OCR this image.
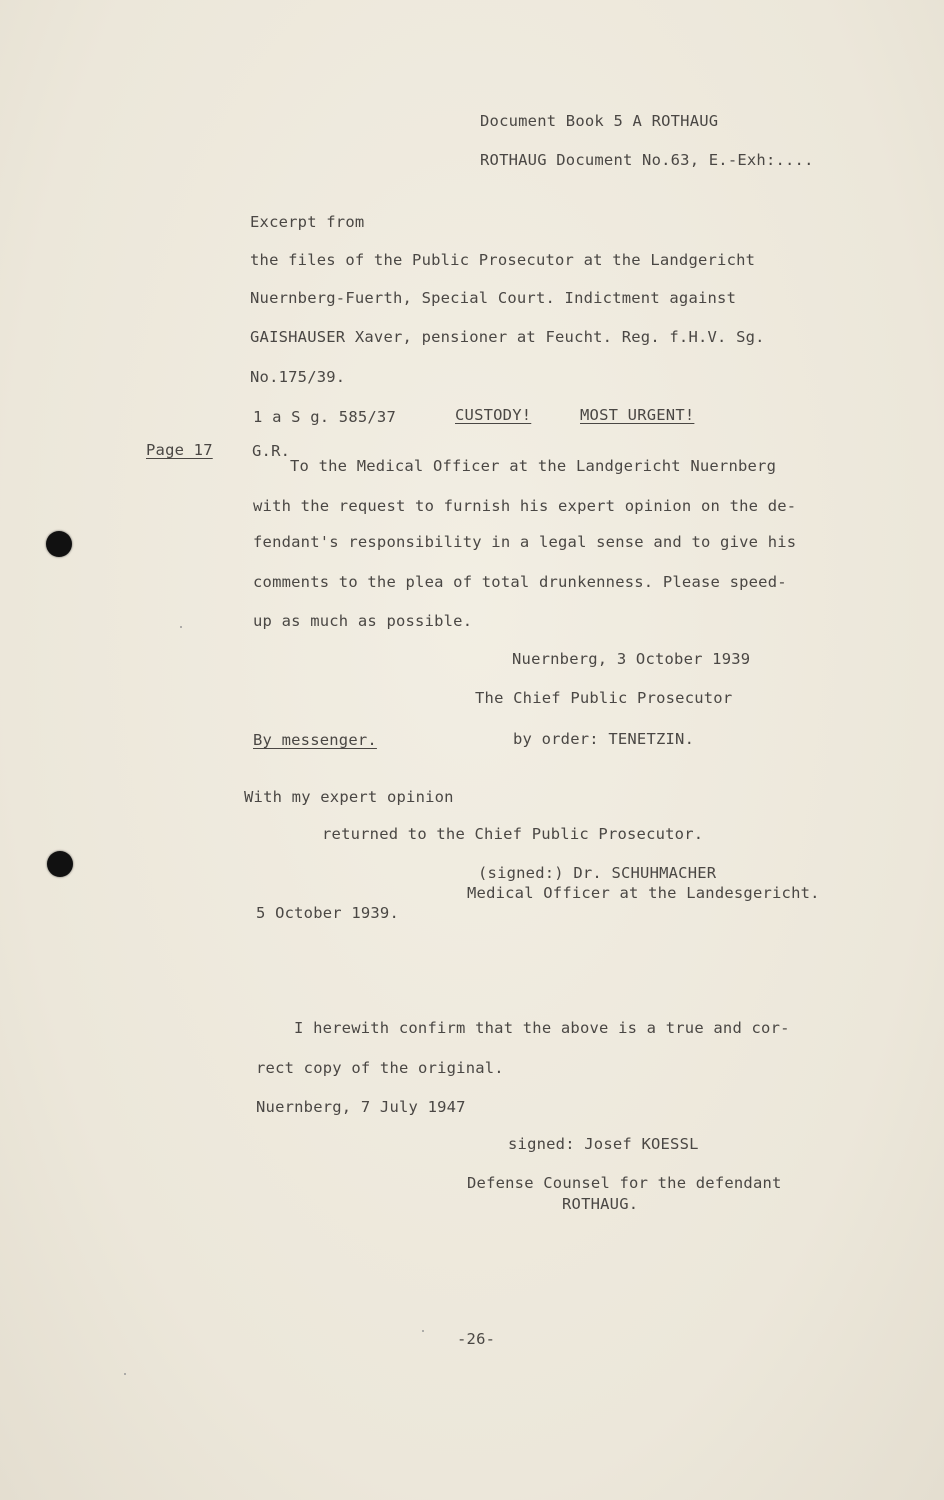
Document Book 5 A ROTHAUG
ROTHAUG Document No.63, E.-Exh:....
Excerpt from
the files of the Public Prosecutor at the Landgericht
Nuernberg-Fuerth, Special Court. Indictment against
GAISHAUSER Xaver, pensioner at Feucht. Reg. f.H.V. Sg.
No.175/39.
1 a S g. 585/37	CUSTODY!	MOST URGENT!
Page 17	G.R.
To the Medical Officer at the Landgericht Nuernberg
with the request to furnish his expert opinion on the de-
fendant's responsibility in a legal sense and to give his
comments to the plea of total drunkenness. Please speed-
up as much as possible.
Nuernberg, 3 October 1939
The Chief Public Prosecutor
By messenger.	by order: TENETZIN.
With my expert opinion
returned to the Chief Public Prosecutor.
(signed:) Dr. SCHUHMACHER
Medical Officer at the Landesgericht.
5 October 1939.
I herewith confirm that the above is a true and cor-
rect copy of the original.
Nuernberg, 7 July 1947
signed: Josef KOESSL
Defense Counsel for the defendant
ROTHAUG.
-26-
